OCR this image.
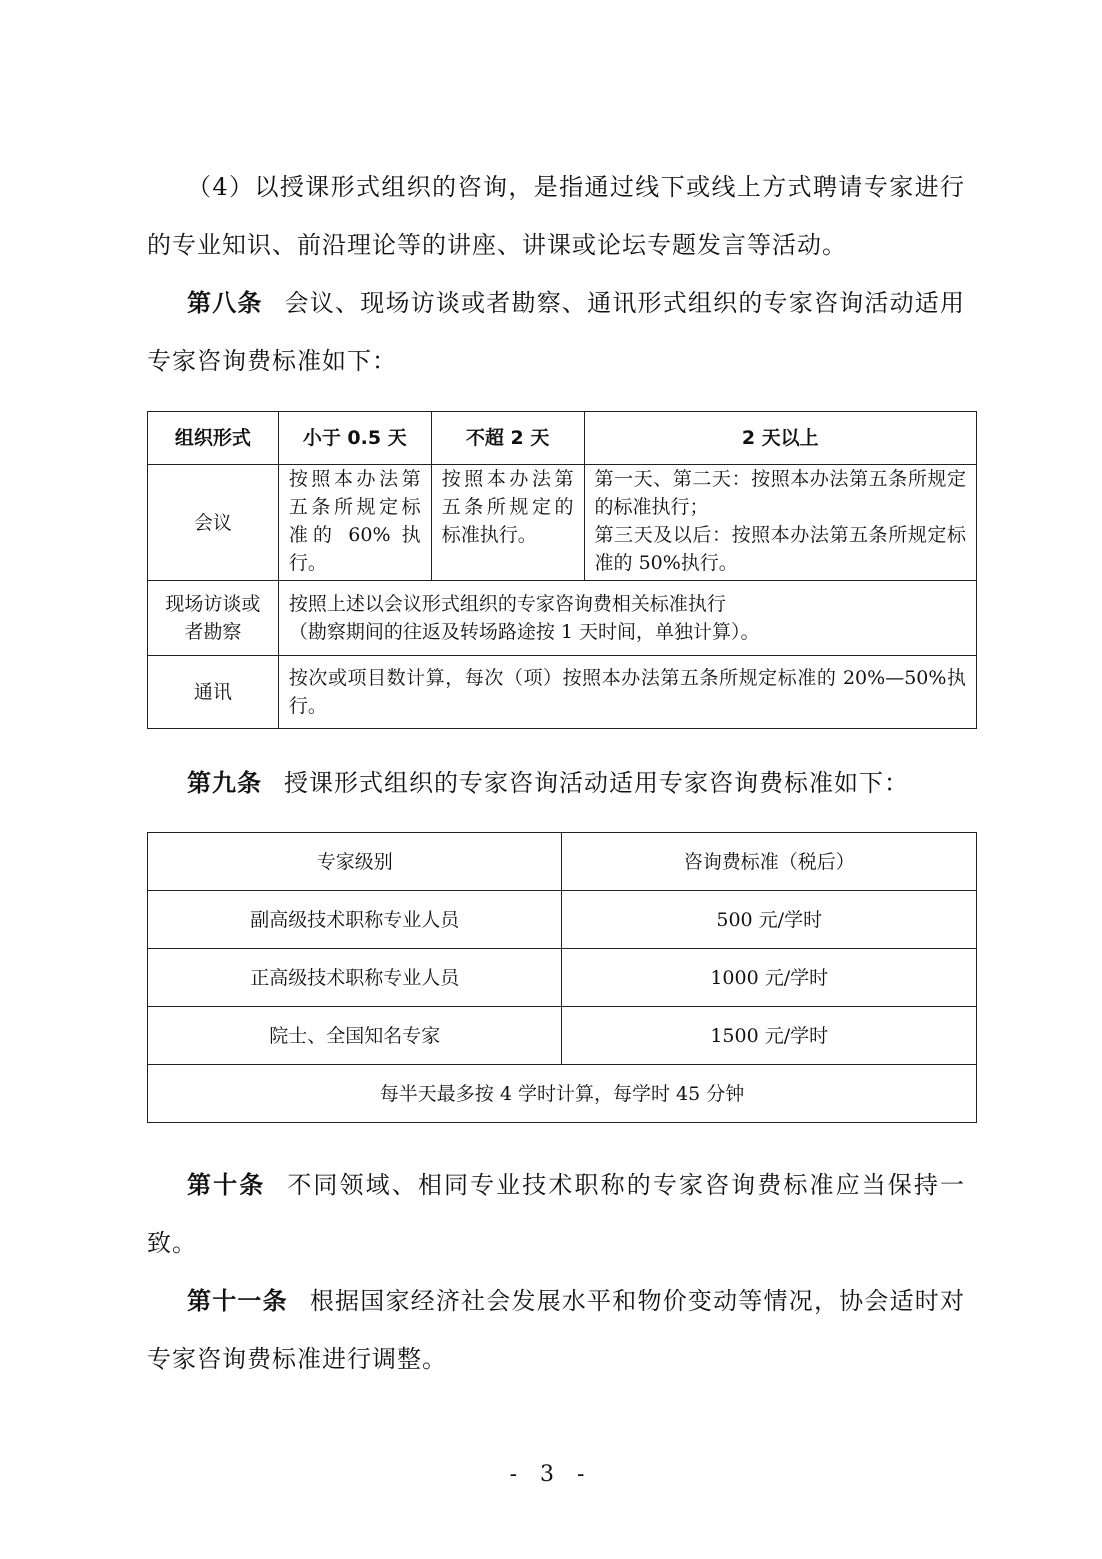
（4）以授课形式组织的咨询，是指通过线下或线上方式聘请专家进行的专业知识、前沿理论等的讲座、讲课或论坛专题发言等活动。

第八条 会议、现场访谈或者勘察、通讯形式组织的专家咨询活动适用专家咨询费标准如下：

组织形式	小于 0.5 天	不超 2 天	2 天以上
会议	按照本办法第五条所规定标准的 60% 执行。	按照本办法第五条所规定的标准执行。	第一天、第二天：按照本办法第五条所规定的标准执行；
第三天及以后：按照本办法第五条所规定标准的 50%执行。

现场访谈或者勘察	按照上述以会议形式组织的专家咨询费相关标准执行
（勘察期间的往返及转场路途按 1 天时间，单独计算）。		

通讯	按次或项目数计算，每次（项）按照本办法第五条所规定标准的 20%—50%执行。		

第九条 授课形式组织的专家咨询活动适用专家咨询费标准如下：

专家级别	咨询费标准（税后）
副高级技术职称专业人员	500 元/学时
正高级技术职称专业人员	1000 元/学时
院士、全国知名专家	1500 元/学时
每半天最多按 4 学时计算，每学时 45 分钟	

第十条 不同领域、相同专业技术职称的专家咨询费标准应当保持一致。

第十一条 根据国家经济社会发展水平和物价变动等情况，协会适时对专家咨询费标准进行调整。

- 3 -
